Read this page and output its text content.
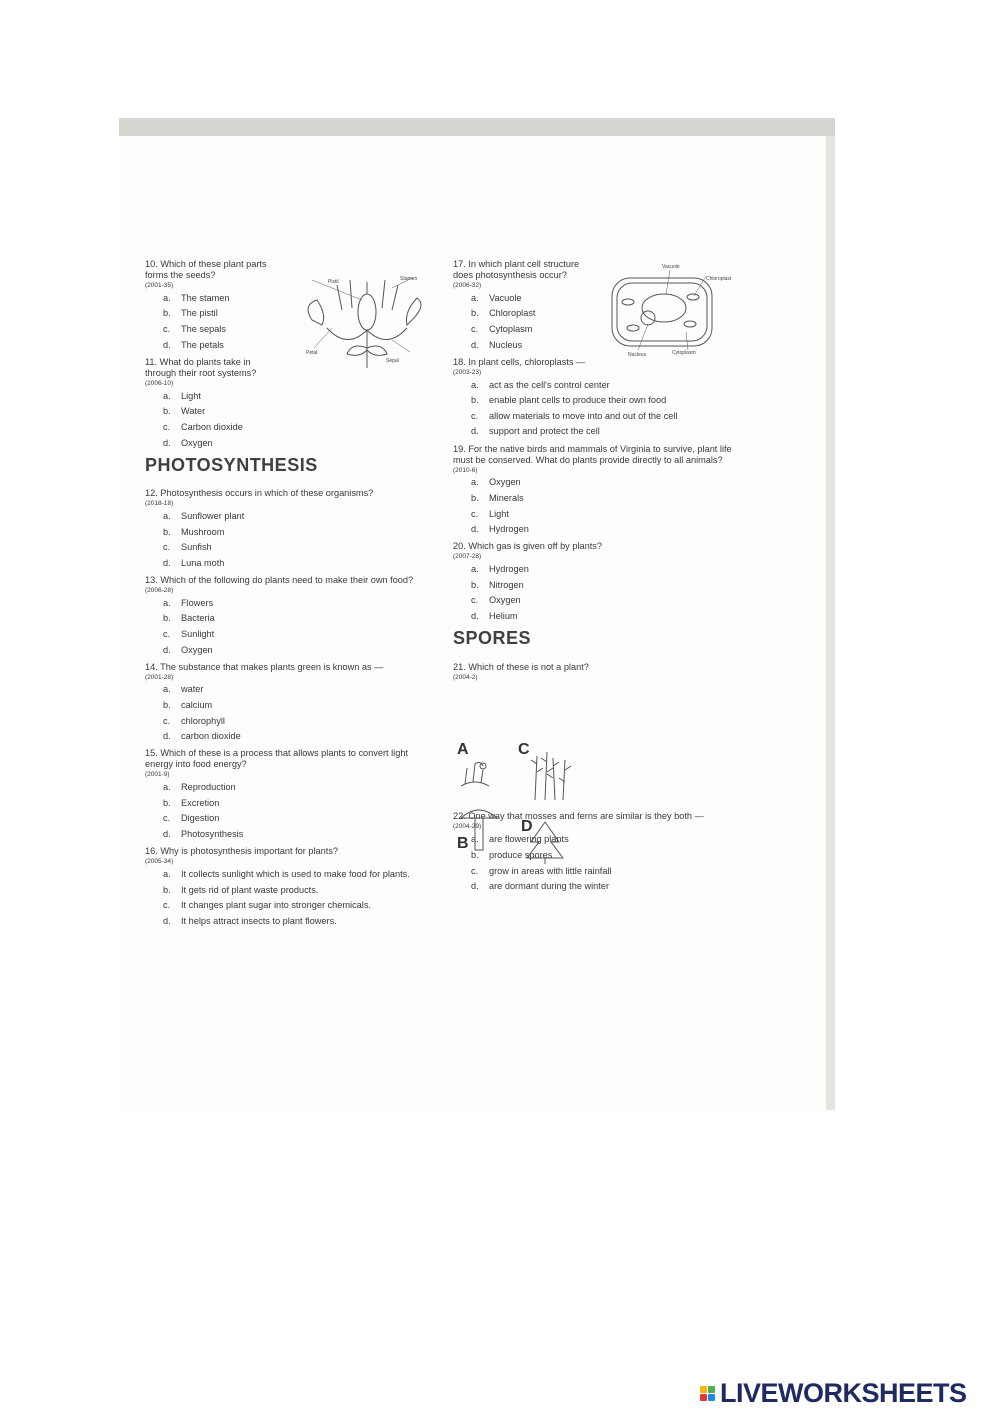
10. Which of these plant parts forms the seeds?

(2001-35)
a.	The stamen
b.	The pistil
c.	The sepals
d.	The petals

11. What do plants take in through their root systems?

(2006-10)
a.	Light
b.	Water
c.	Carbon dioxide
d.	Oxygen
PHOTOSYNTHESIS

12. Photosynthesis occurs in which of these organisms?

(2018-18)
a.	Sunflower plant
b.	Mushroom
c.	Sunfish
d.	Luna moth

13. Which of the following do plants need to make their own food?

(2006-28)
a.	Flowers
b.	Bacteria
c.	Sunlight
d.	Oxygen

14. The substance that makes plants green is known as —

(2001-28)
a.	water
b.	calcium
c.	chlorophyll
d.	carbon dioxide

15. Which of these is a process that allows plants to convert light energy into food energy?

(2001-9)
a.	Reproduction
b.	Excretion
c.	Digestion
d.	Photosynthesis

16. Why is photosynthesis important for plants?

(2005-34)
a.	It collects sunlight which is used to make food for plants.
b.	It gets rid of plant waste products.
c.	It changes plant sugar into stronger chemicals.
d.	It helps attract insects to plant flowers.
Pistil	Stamen
Petal
Sepal

17. In which plant cell structure does photosynthesis occur?

(2006-32)
a.	Vacuole
b.	Chloroplast
c.	Cytoplasm
d.	Nucleus

18. In plant cells, chloroplasts —

(2003-23)
a.	act as the cell's control center
b.	enable plant cells to produce their own food
c.	allow materials to move into and out of the cell
d.	support and protect the cell

19. For the native birds and mammals of Virginia to survive, plant life must be conserved. What do plants provide directly to all animals?

(2010-6)
a.	Oxygen
b.	Minerals
c.	Light
d.	Hydrogen

20. Which gas is given off by plants?

(2007-28)
a.	Hydrogen
b.	Nitrogen
c.	Oxygen
d.	Helium
SPORES

21. Which of these is not a plant?

(2004-2)

22. One way that mosses and ferns are similar is they both —

(2004-29)
a.	are flowering plants
b.	produce spores
c.	grow in areas with little rainfall
d.	are dormant during the winter
Vacuole
Chloroplast
Nucleus	Cytoplasm
A	C
B
D
LIVEWORKSHEETS
